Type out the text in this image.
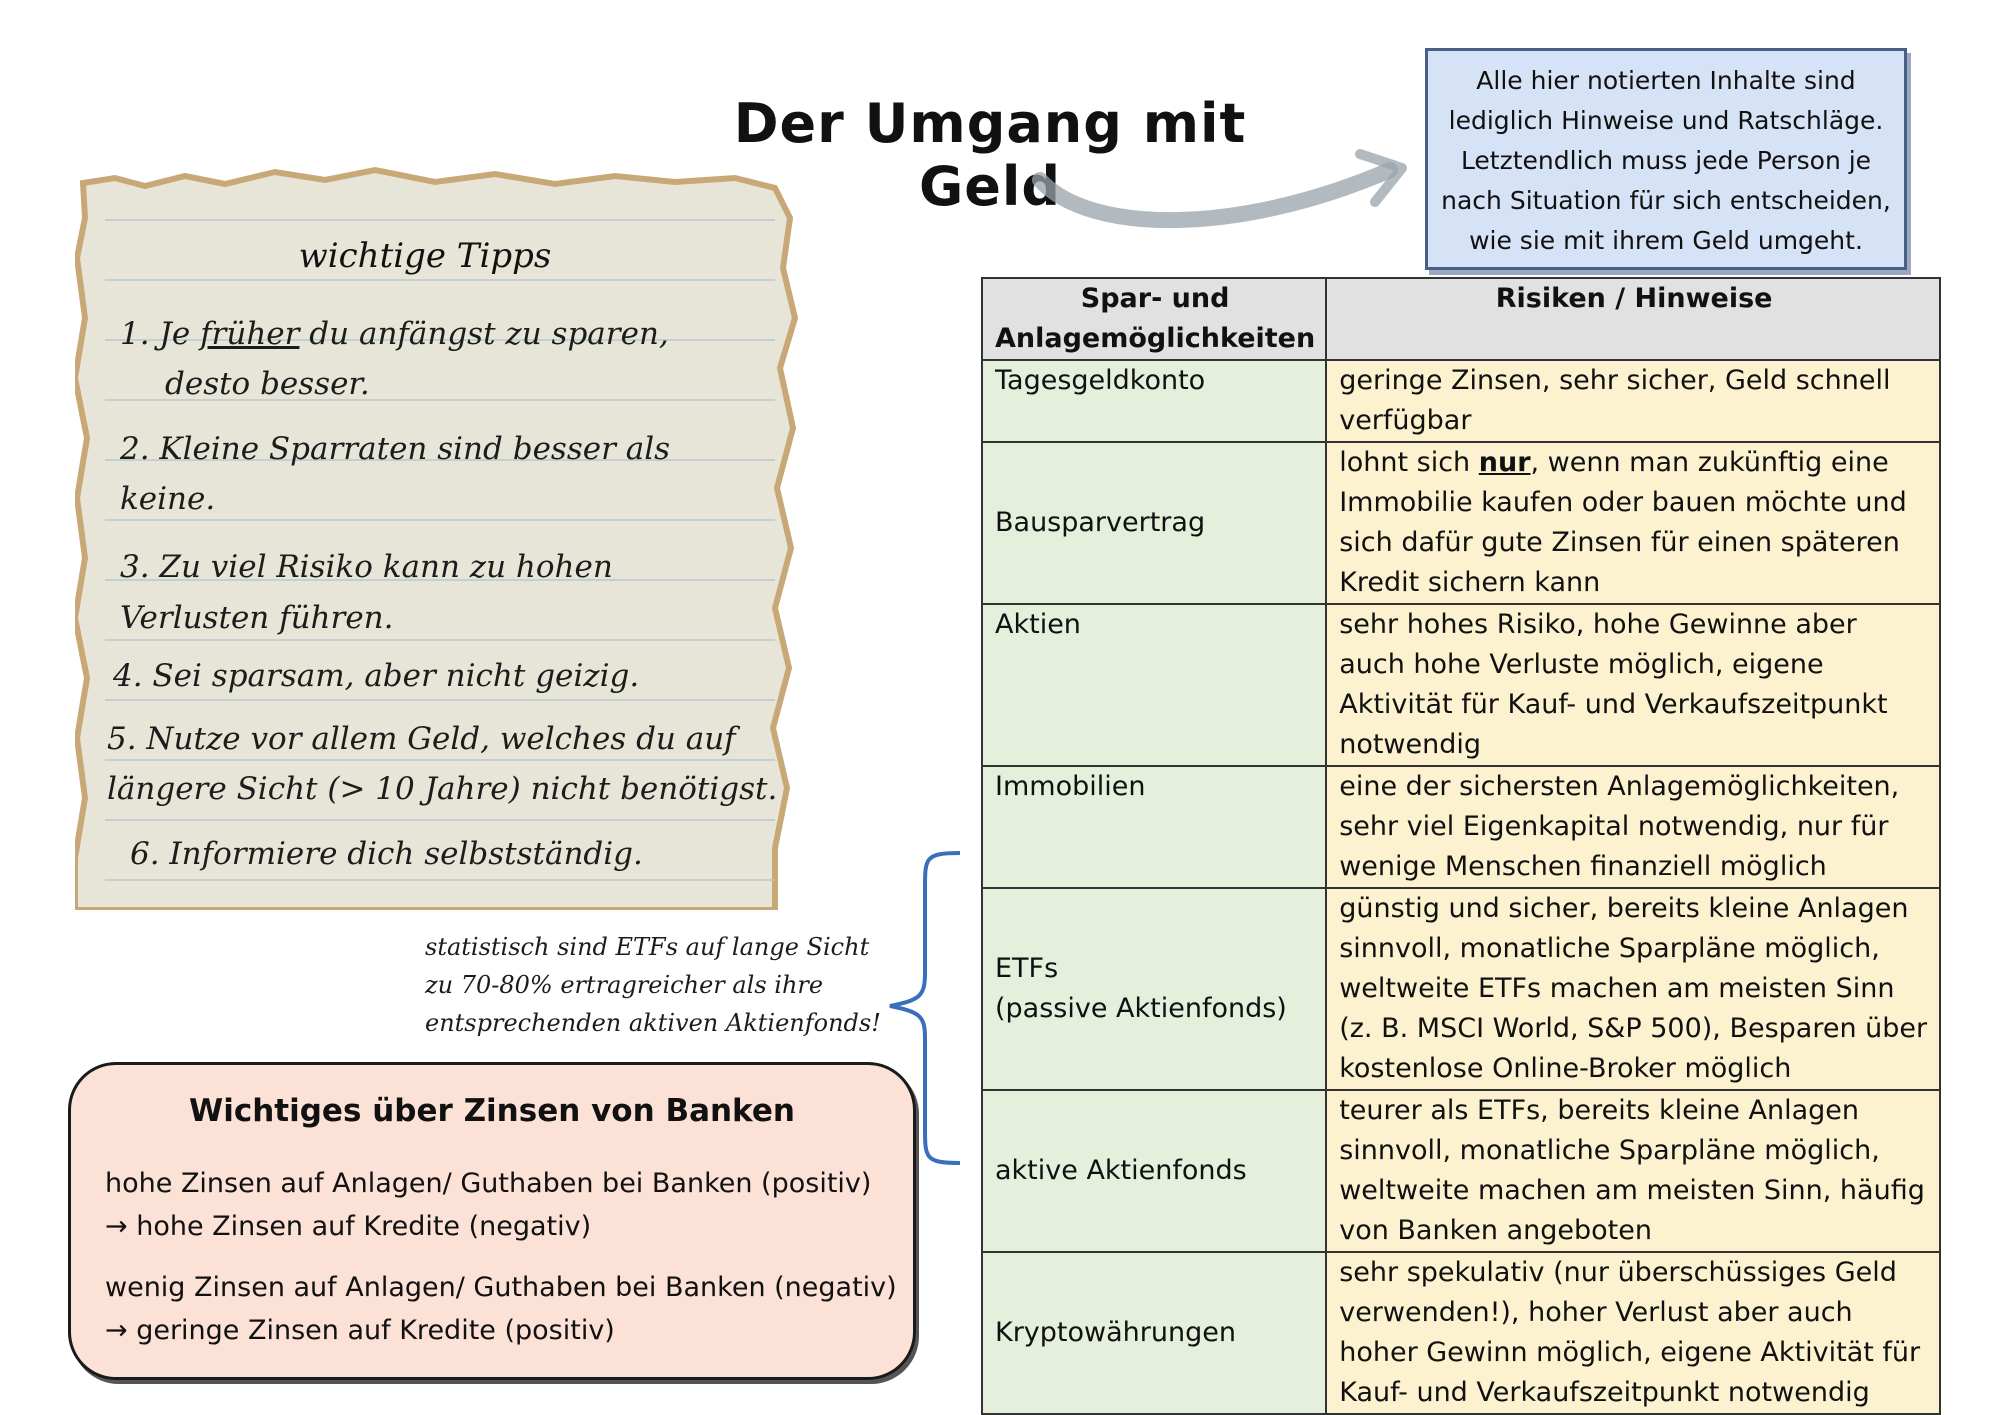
Der Umgang mit Geld
Alle hier notierten Inhalte sind
lediglich Hinweise und Ratschläge.
Letztendlich muss jede Person je
nach Situation für sich entscheiden,
wie sie mit ihrem Geld umgeht.
wichtige Tipps
1. Je früher du anfängst zu sparen,
desto besser.
2. Kleine Sparraten sind besser als
keine.
3. Zu viel Risiko kann zu hohen
Verlusten führen.
4. Sei sparsam, aber nicht geizig.
5. Nutze vor allem Geld, welches du auf
längere Sicht (> 10 Jahre) nicht benötigst.
6. Informiere dich selbstständig.
statistisch sind ETFs auf lange Sicht
zu 70-80% ertragreicher als ihre
entsprechenden aktiven Aktienfonds!
Wichtiges über Zinsen von Banken
hohe Zinsen auf Anlagen/ Guthaben bei Banken (positiv)
→ hohe Zinsen auf Kredite (negativ)
wenig Zinsen auf Anlagen/ Guthaben bei Banken (negativ)
→ geringe Zinsen auf Kredite (positiv)
Spar- und Anlagemöglichkeiten	Risiken / Hinweise
Tagesgeldkonto	geringe Zinsen, sehr sicher, Geld schnell verfügbar
Bausparvertrag	lohnt sich nur, wenn man zukünftig eine Immobilie kaufen oder bauen möchte und sich dafür gute Zinsen für einen späteren Kredit sichern kann
Aktien	sehr hohes Risiko, hohe Gewinne aber auch hohe Verluste möglich, eigene Aktivität für Kauf- und Verkaufszeitpunkt notwendig
Immobilien	eine der sichersten Anlagemöglichkeiten, sehr viel Eigenkapital notwendig, nur für wenige Menschen finanziell möglich

ETFs
(passive Aktienfonds)	günstig und sicher, bereits kleine Anlagen sinnvoll, monatliche Sparpläne möglich, weltweite ETFs machen am meisten Sinn (z. B. MSCI World, S&P 500), Besparen über kostenlose Online-Broker möglich
aktive Aktienfonds	teurer als ETFs, bereits kleine Anlagen sinnvoll, monatliche Sparpläne möglich, weltweite machen am meisten Sinn, häufig von Banken angeboten
Kryptowährungen	sehr spekulativ (nur überschüssiges Geld verwenden!), hoher Verlust aber auch hoher Gewinn möglich, eigene Aktivität für Kauf- und Verkaufszeitpunkt notwendig
